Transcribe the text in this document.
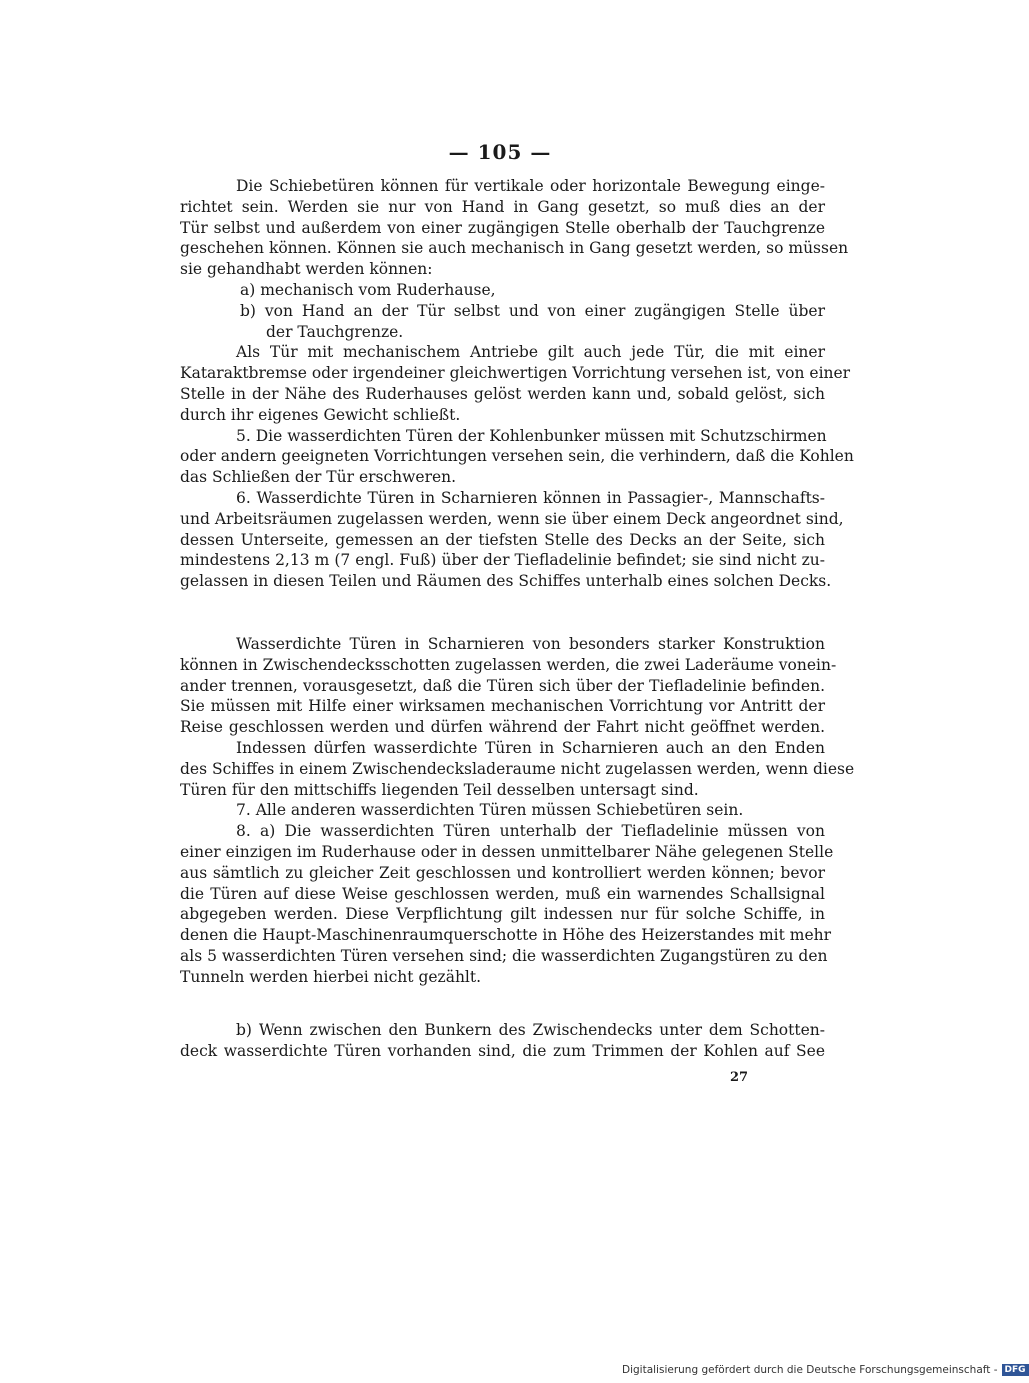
— 105 —
Die Schiebetüren können für vertikale oder horizontale Bewegung einge-
richtet sein. Werden sie nur von Hand in Gang gesetzt, so muß dies an der
Tür selbst und außerdem von einer zugängigen Stelle oberhalb der Tauchgrenze
geschehen können. Können sie auch mechanisch in Gang gesetzt werden, so müssen
sie gehandhabt werden können:
a) mechanisch vom Ruderhause,
b) von Hand an der Tür selbst und von einer zugängigen Stelle über
der Tauchgrenze.
Als Tür mit mechanischem Antriebe gilt auch jede Tür, die mit einer
Kataraktbremse oder irgendeiner gleichwertigen Vorrichtung versehen ist, von einer
Stelle in der Nähe des Ruderhauses gelöst werden kann und, sobald gelöst, sich
durch ihr eigenes Gewicht schließt.
5. Die wasserdichten Türen der Kohlenbunker müssen mit Schutzschirmen
oder andern geeigneten Vorrichtungen versehen sein, die verhindern, daß die Kohlen
das Schließen der Tür erschweren.
6. Wasserdichte Türen in Scharnieren können in Passagier-, Mannschafts-
und Arbeitsräumen zugelassen werden, wenn sie über einem Deck angeordnet sind,
dessen Unterseite, gemessen an der tiefsten Stelle des Decks an der Seite, sich
mindestens 2,13 m (7 engl. Fuß) über der Tiefladelinie befindet; sie sind nicht zu-
gelassen in diesen Teilen und Räumen des Schiffes unterhalb eines solchen Decks.
Wasserdichte Türen in Scharnieren von besonders starker Konstruktion
können in Zwischendecksschotten zugelassen werden, die zwei Laderäume vonein-
ander trennen, vorausgesetzt, daß die Türen sich über der Tiefladelinie befinden.
Sie müssen mit Hilfe einer wirksamen mechanischen Vorrichtung vor Antritt der
Reise geschlossen werden und dürfen während der Fahrt nicht geöffnet werden.
Indessen dürfen wasserdichte Türen in Scharnieren auch an den Enden
des Schiffes in einem Zwischendecksladeraume nicht zugelassen werden, wenn diese
Türen für den mittschiffs liegenden Teil desselben untersagt sind.
7. Alle anderen wasserdichten Türen müssen Schiebetüren sein.
8. a) Die wasserdichten Türen unterhalb der Tiefladelinie müssen von
einer einzigen im Ruderhause oder in dessen unmittelbarer Nähe gelegenen Stelle
aus sämtlich zu gleicher Zeit geschlossen und kontrolliert werden können; bevor
die Türen auf diese Weise geschlossen werden, muß ein warnendes Schallsignal
abgegeben werden. Diese Verpflichtung gilt indessen nur für solche Schiffe, in
denen die Haupt-Maschinenraumquerschotte in Höhe des Heizerstandes mit mehr
als 5 wasserdichten Türen versehen sind; die wasserdichten Zugangstüren zu den
Tunneln werden hierbei nicht gezählt.
b) Wenn zwischen den Bunkern des Zwischendecks unter dem Schotten-
deck wasserdichte Türen vorhanden sind, die zum Trimmen der Kohlen auf See
27
Digitalisierung gefördert durch die Deutsche Forschungsgemeinschaft - DFG
